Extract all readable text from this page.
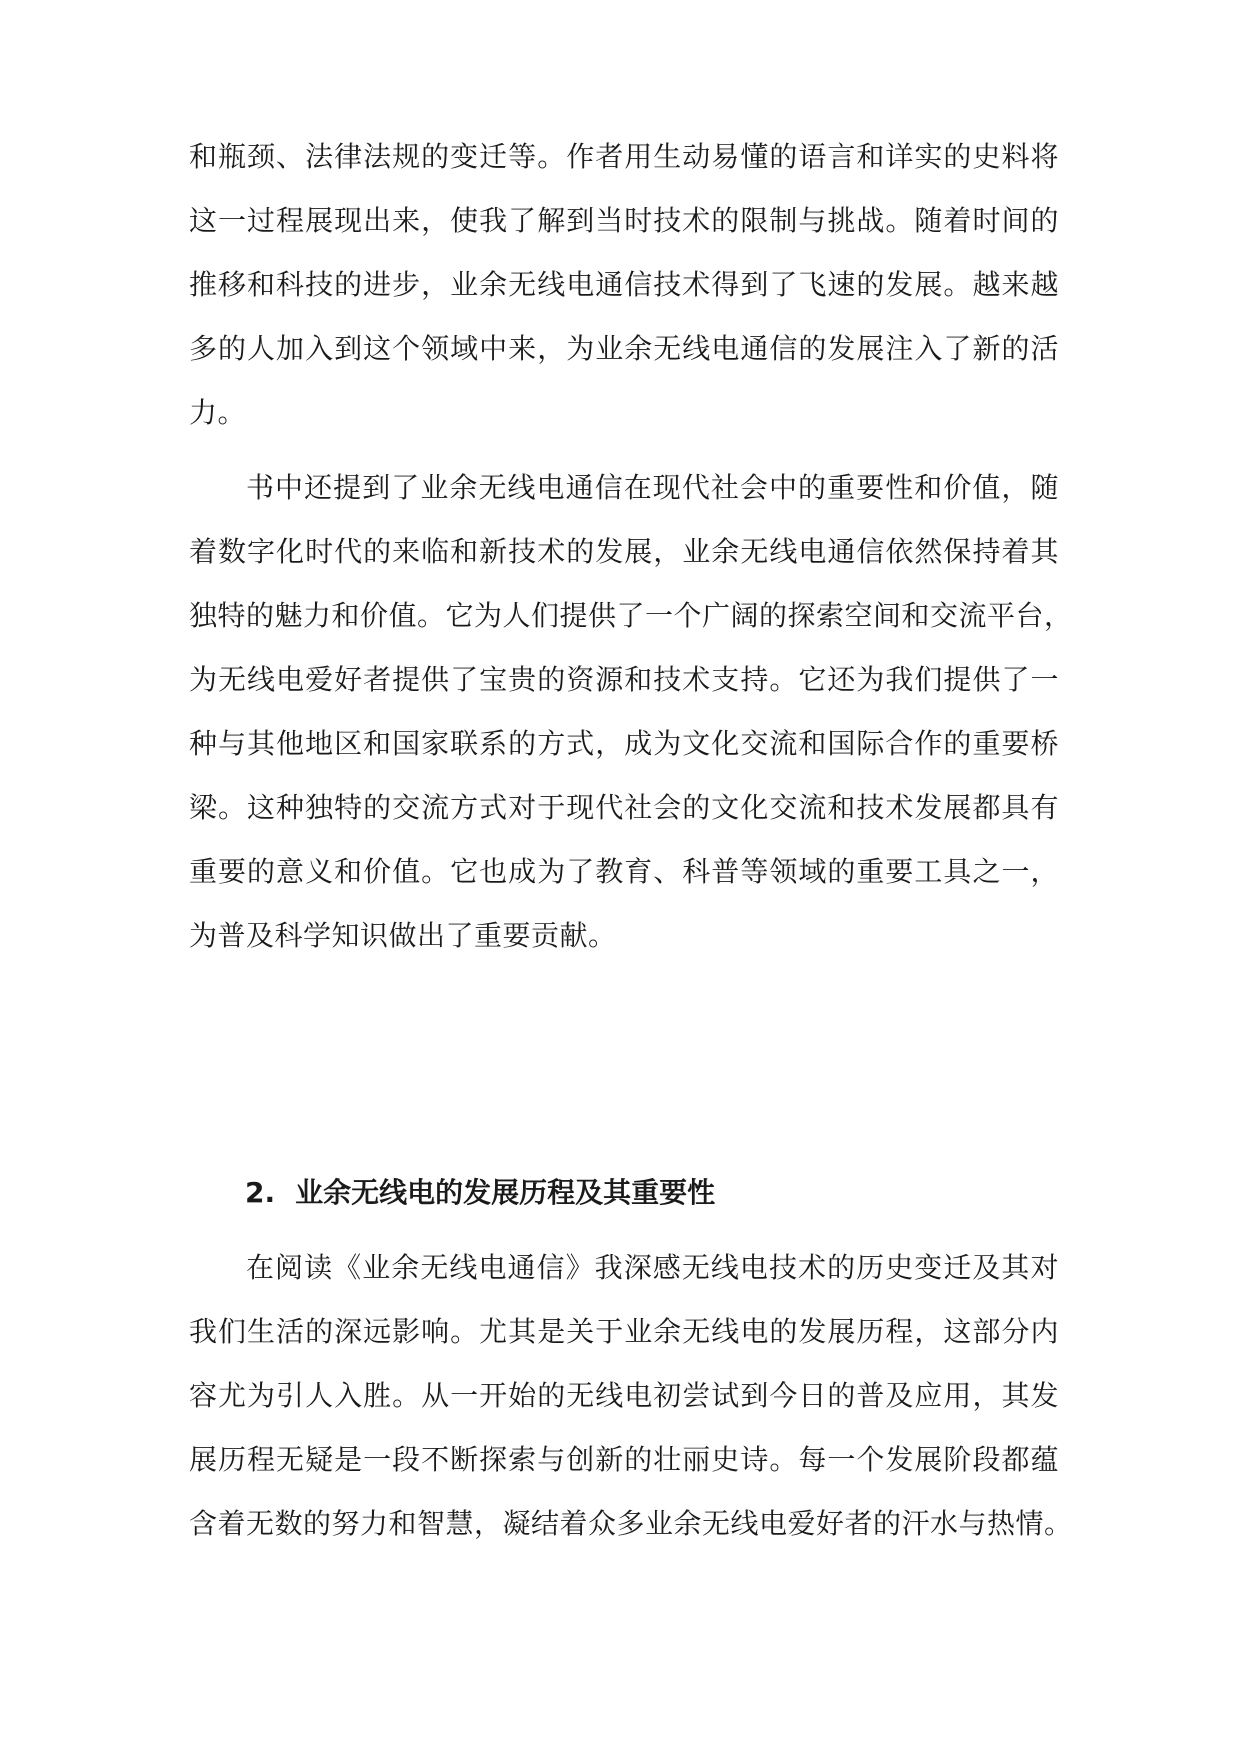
和瓶颈、法律法规的变迁等。作者用生动易懂的语言和详实的史料将
这一过程展现出来，使我了解到当时技术的限制与挑战。随着时间的
推移和科技的进步，业余无线电通信技术得到了飞速的发展。越来越
多的人加入到这个领域中来，为业余无线电通信的发展注入了新的活
力。
书中还提到了业余无线电通信在现代社会中的重要性和价值，随
着数字化时代的来临和新技术的发展，业余无线电通信依然保持着其
独特的魅力和价值。它为人们提供了一个广阔的探索空间和交流平台，
为无线电爱好者提供了宝贵的资源和技术支持。它还为我们提供了一
种与其他地区和国家联系的方式，成为文化交流和国际合作的重要桥
梁。这种独特的交流方式对于现代社会的文化交流和技术发展都具有
重要的意义和价值。它也成为了教育、科普等领域的重要工具之一，
为普及科学知识做出了重要贡献。
2. 业余无线电的发展历程及其重要性
在阅读《业余无线电通信》我深感无线电技术的历史变迁及其对
我们生活的深远影响。尤其是关于业余无线电的发展历程，这部分内
容尤为引人入胜。从一开始的无线电初尝试到今日的普及应用，其发
展历程无疑是一段不断探索与创新的壮丽史诗。每一个发展阶段都蕴
含着无数的努力和智慧，凝结着众多业余无线电爱好者的汗水与热情。
